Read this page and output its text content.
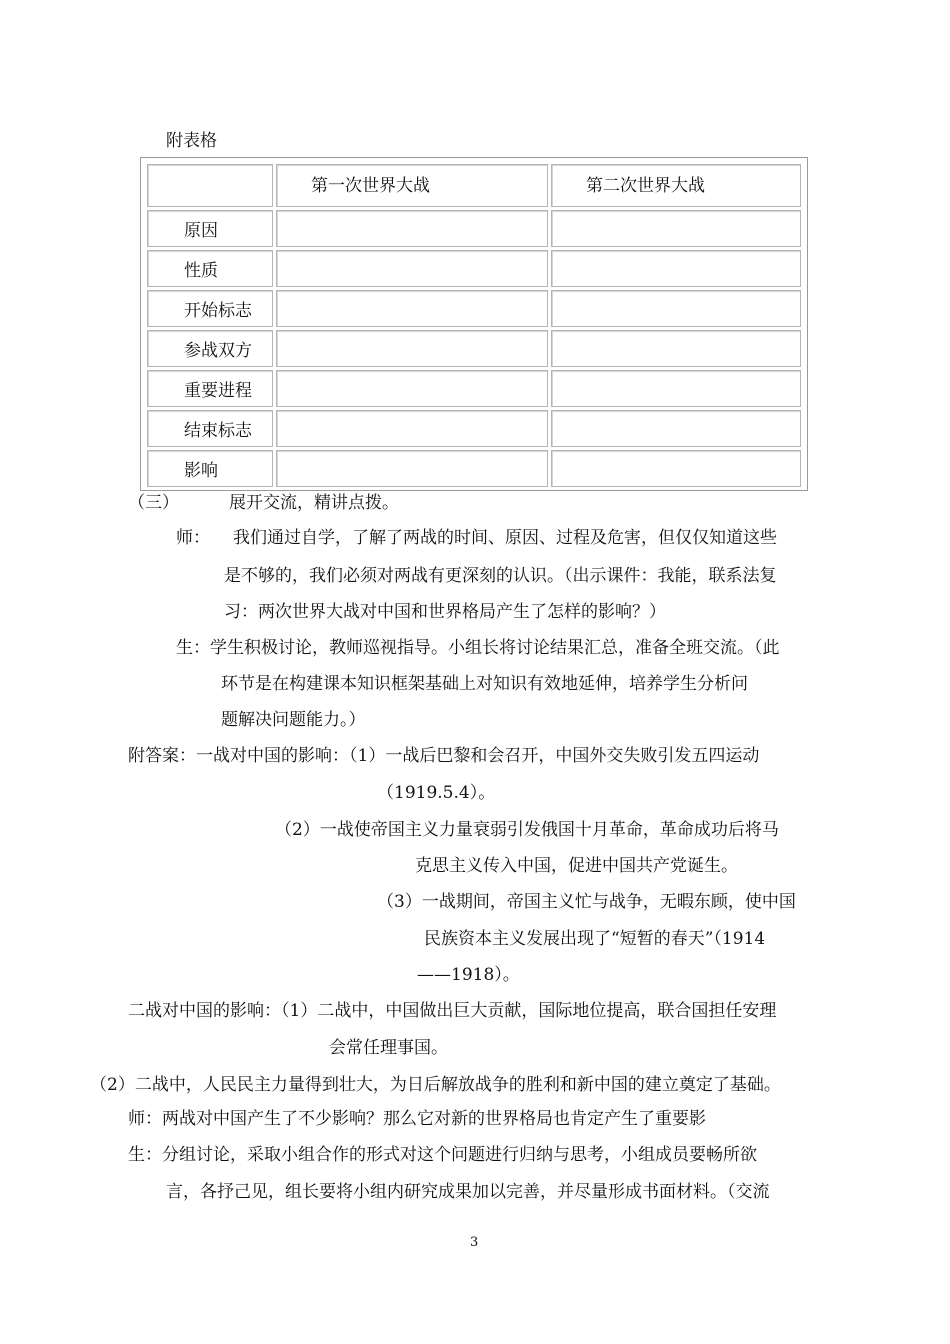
附表格
	第一次世界大战	第二次世界大战
原因		
性质		
开始标志		
参战双方		
重要进程		
结束标志		
影响		
（三）	展开交流，精讲点拨。
师： 我们通过自学，了解了两战的时间、原因、过程及危害，但仅仅知道这些
是不够的，我们必须对两战有更深刻的认识。（出示课件：我能，联系法复
习：两次世界大战对中国和世界格局产生了怎样的影响？）
生：学生积极讨论，教师巡视指导。小组长将讨论结果汇总，准备全班交流。（此
环节是在构建课本知识框架基础上对知识有效地延伸，培养学生分析问
题解决问题能力。）
附答案：一战对中国的影响：（1）一战后巴黎和会召开，中国外交失败引发五四运动
（1919.5.4）。
（2）一战使帝国主义力量衰弱引发俄国十月革命，革命成功后将马
克思主义传入中国，促进中国共产党诞生。
（3）一战期间，帝国主义忙与战争，无暇东顾，使中国
民族资本主义发展出现了“短暂的春天”（1914
——1918）。
二战对中国的影响：（1）二战中，中国做出巨大贡献，国际地位提高，联合国担任安理
会常任理事国。
（2）二战中，人民民主力量得到壮大，为日后解放战争的胜利和新中国的建立奠定了基础。
师：两战对中国产生了不少影响？那么它对新的世界格局也肯定产生了重要影
生：分组讨论，采取小组合作的形式对这个问题进行归纳与思考，小组成员要畅所欲
言，各抒己见，组长要将小组内研究成果加以完善，并尽量形成书面材料。（交流
3
